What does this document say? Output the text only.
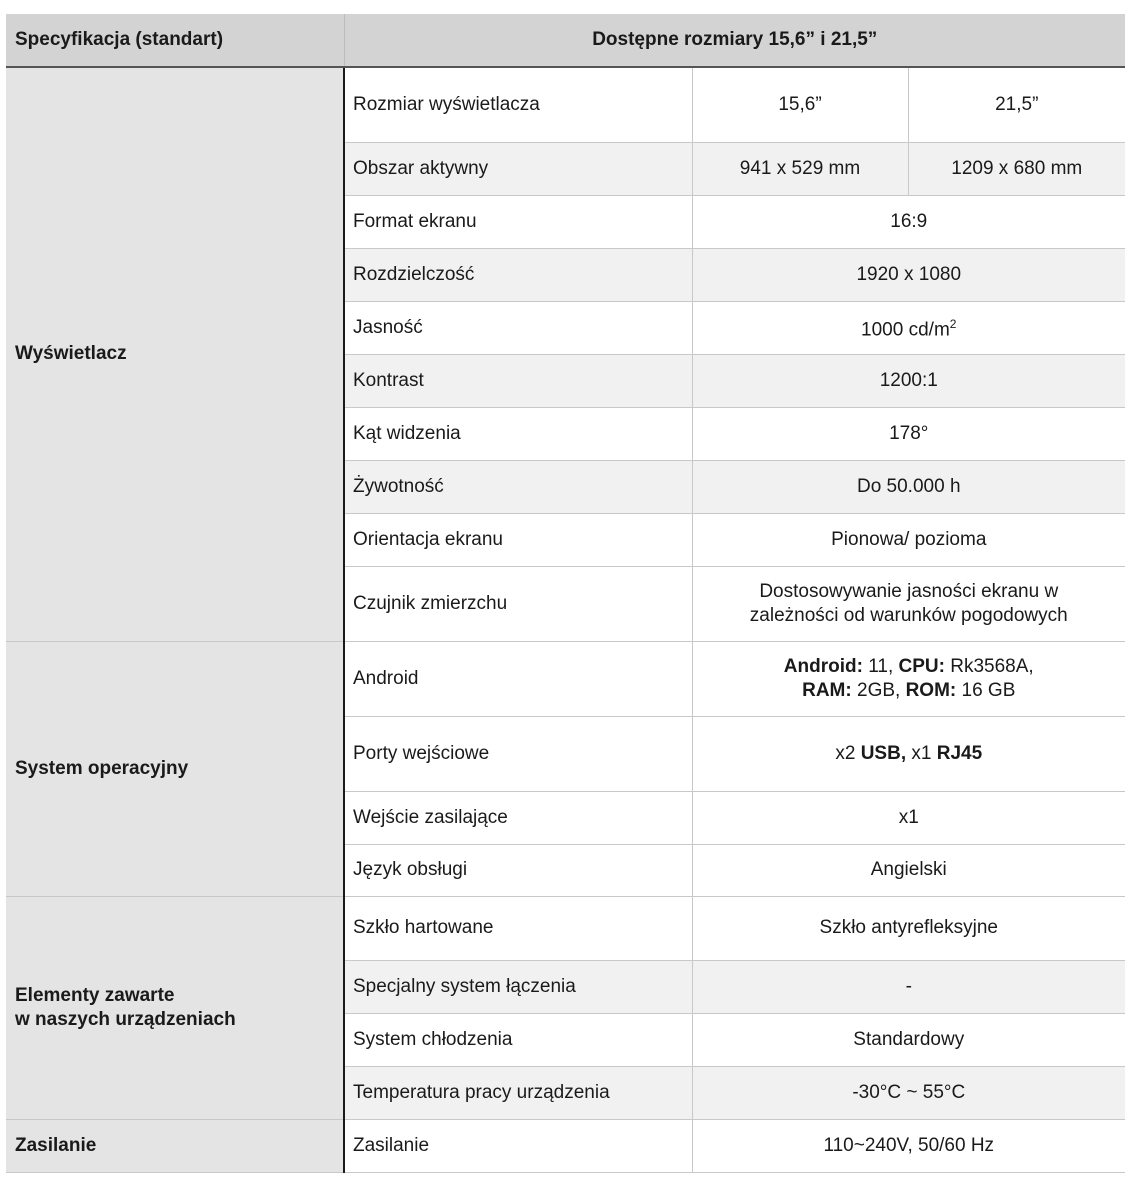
Specyfikacja (standart)	Dostępne rozmiary 15,6” i 21,5”		
Wyświetlacz	Rozmiar wyświetlacza	15,6”	21,5”
	Obszar aktywny	941 x 529 mm	1209 x 680 mm
	Format ekranu	16:9	
	Rozdzielczość	1920 x 1080	
	Jasność	1000 $cd/m^2$
	Kontrast	1200:1	
	Kąt widzenia	178°	
	Żywotność	Do 50.000 h	
	Orientacja ekranu	Pionowa/ pozioma	
	Czujnik zmierzchu	Dostosowywanie jasności ekranu w
zależności od warunków pogodowych	
System operacyjny	Android	Android: 11, CPU: Rk3568A,
RAM: 2GB, ROM: 16 GB	
	Porty wejściowe	x2 USB, x1 RJ45	
	Wejście zasilające	x1	
	Język obsługi	Angielski	
Elementy zawarte
w naszych urządzeniach	Szkło hartowane	Szkło antyrefleksyjne	
	Specjalny system łączenia	-	
	System chłodzenia	Standardowy	
	Temperatura pracy urządzenia	-30°C ~ 55°C	
Zasilanie	Zasilanie	110~240V, 50/60 Hz	
